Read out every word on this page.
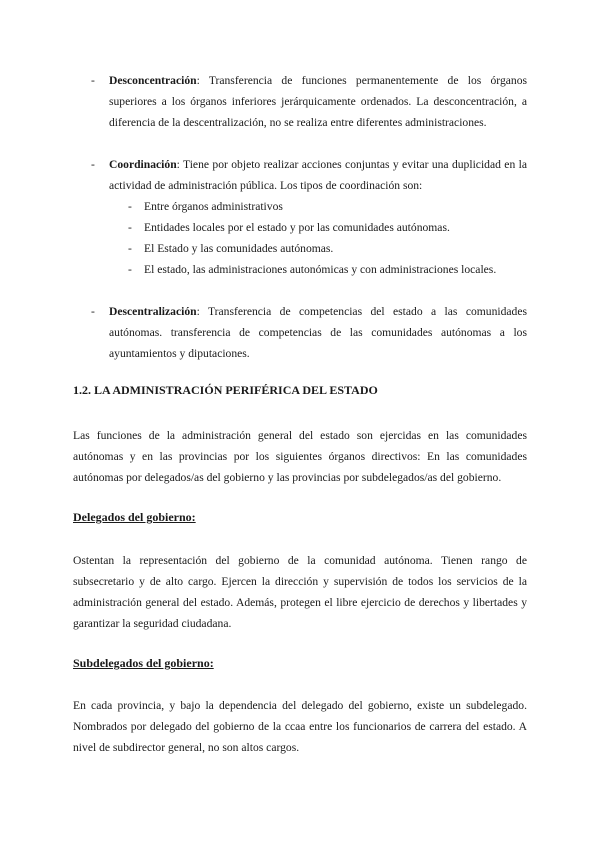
- Desconcentración: Transferencia de funciones permanentemente de los órganos superiores a los órganos inferiores jerárquicamente ordenados. La desconcentración, a diferencia de la descentralización, no se realiza entre diferentes administraciones.
- Coordinación: Tiene por objeto realizar acciones conjuntas y evitar una duplicidad en la actividad de administración pública. Los tipos de coordinación son:
- Entre órganos administrativos
- Entidades locales por el estado y por las comunidades autónomas.
- El Estado y las comunidades autónomas.
- El estado, las administraciones autonómicas y con administraciones locales.
- Descentralización: Transferencia de competencias del estado a las comunidades autónomas. transferencia de competencias de las comunidades autónomas a los ayuntamientos y diputaciones.
1.2. LA ADMINISTRACIÓN PERIFÉRICA DEL ESTADO
Las funciones de la administración general del estado son ejercidas en las comunidades autónomas y en las provincias por los siguientes órganos directivos: En las comunidades autónomas por delegados/as del gobierno y las provincias por subdelegados/as del gobierno.
Delegados del gobierno:
Ostentan la representación del gobierno de la comunidad autónoma. Tienen rango de subsecretario y de alto cargo. Ejercen la dirección y supervisión de todos los servicios de la administración general del estado. Además, protegen el libre ejercicio de derechos y libertades y garantizar la seguridad ciudadana.
Subdelegados del gobierno:
En cada provincia, y bajo la dependencia del delegado del gobierno, existe un subdelegado. Nombrados por delegado del gobierno de la ccaa entre los funcionarios de carrera del estado. A nivel de subdirector general, no son altos cargos.
